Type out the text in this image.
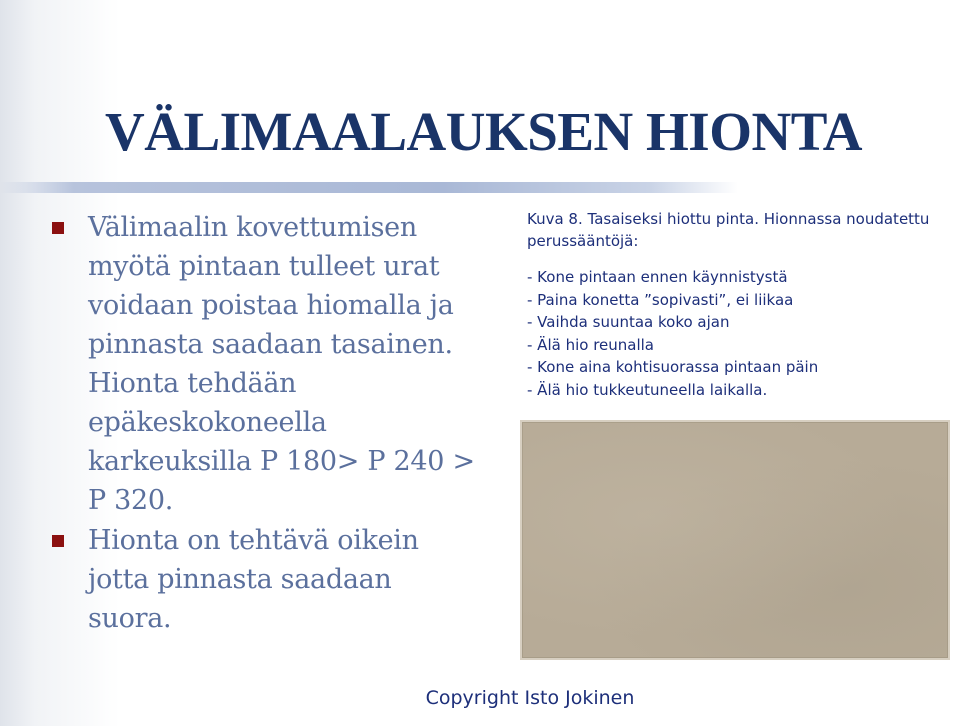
VÄLIMAALAUKSEN HIONTA
Välimaalin kovettumisen myötä pintaan tulleet urat voidaan poistaa hiomalla ja pinnasta saadaan tasainen. Hionta tehdään epäkeskokoneella karkeuksilla P 180> P 240 > P 320.
Hionta on tehtävä oikein jotta pinnasta saadaan suora.
Kuva 8. Tasaiseksi hiottu pinta. Hionnassa noudatettu perussääntöjä:
- Kone pintaan ennen käynnistystä
- Paina konetta ”sopivasti”, ei liikaa
- Vaihda suuntaa koko ajan
- Älä hio reunalla
- Kone aina kohtisuorassa pintaan päin
- Älä hio tukkeutuneella laikalla.
Copyright Isto Jokinen
